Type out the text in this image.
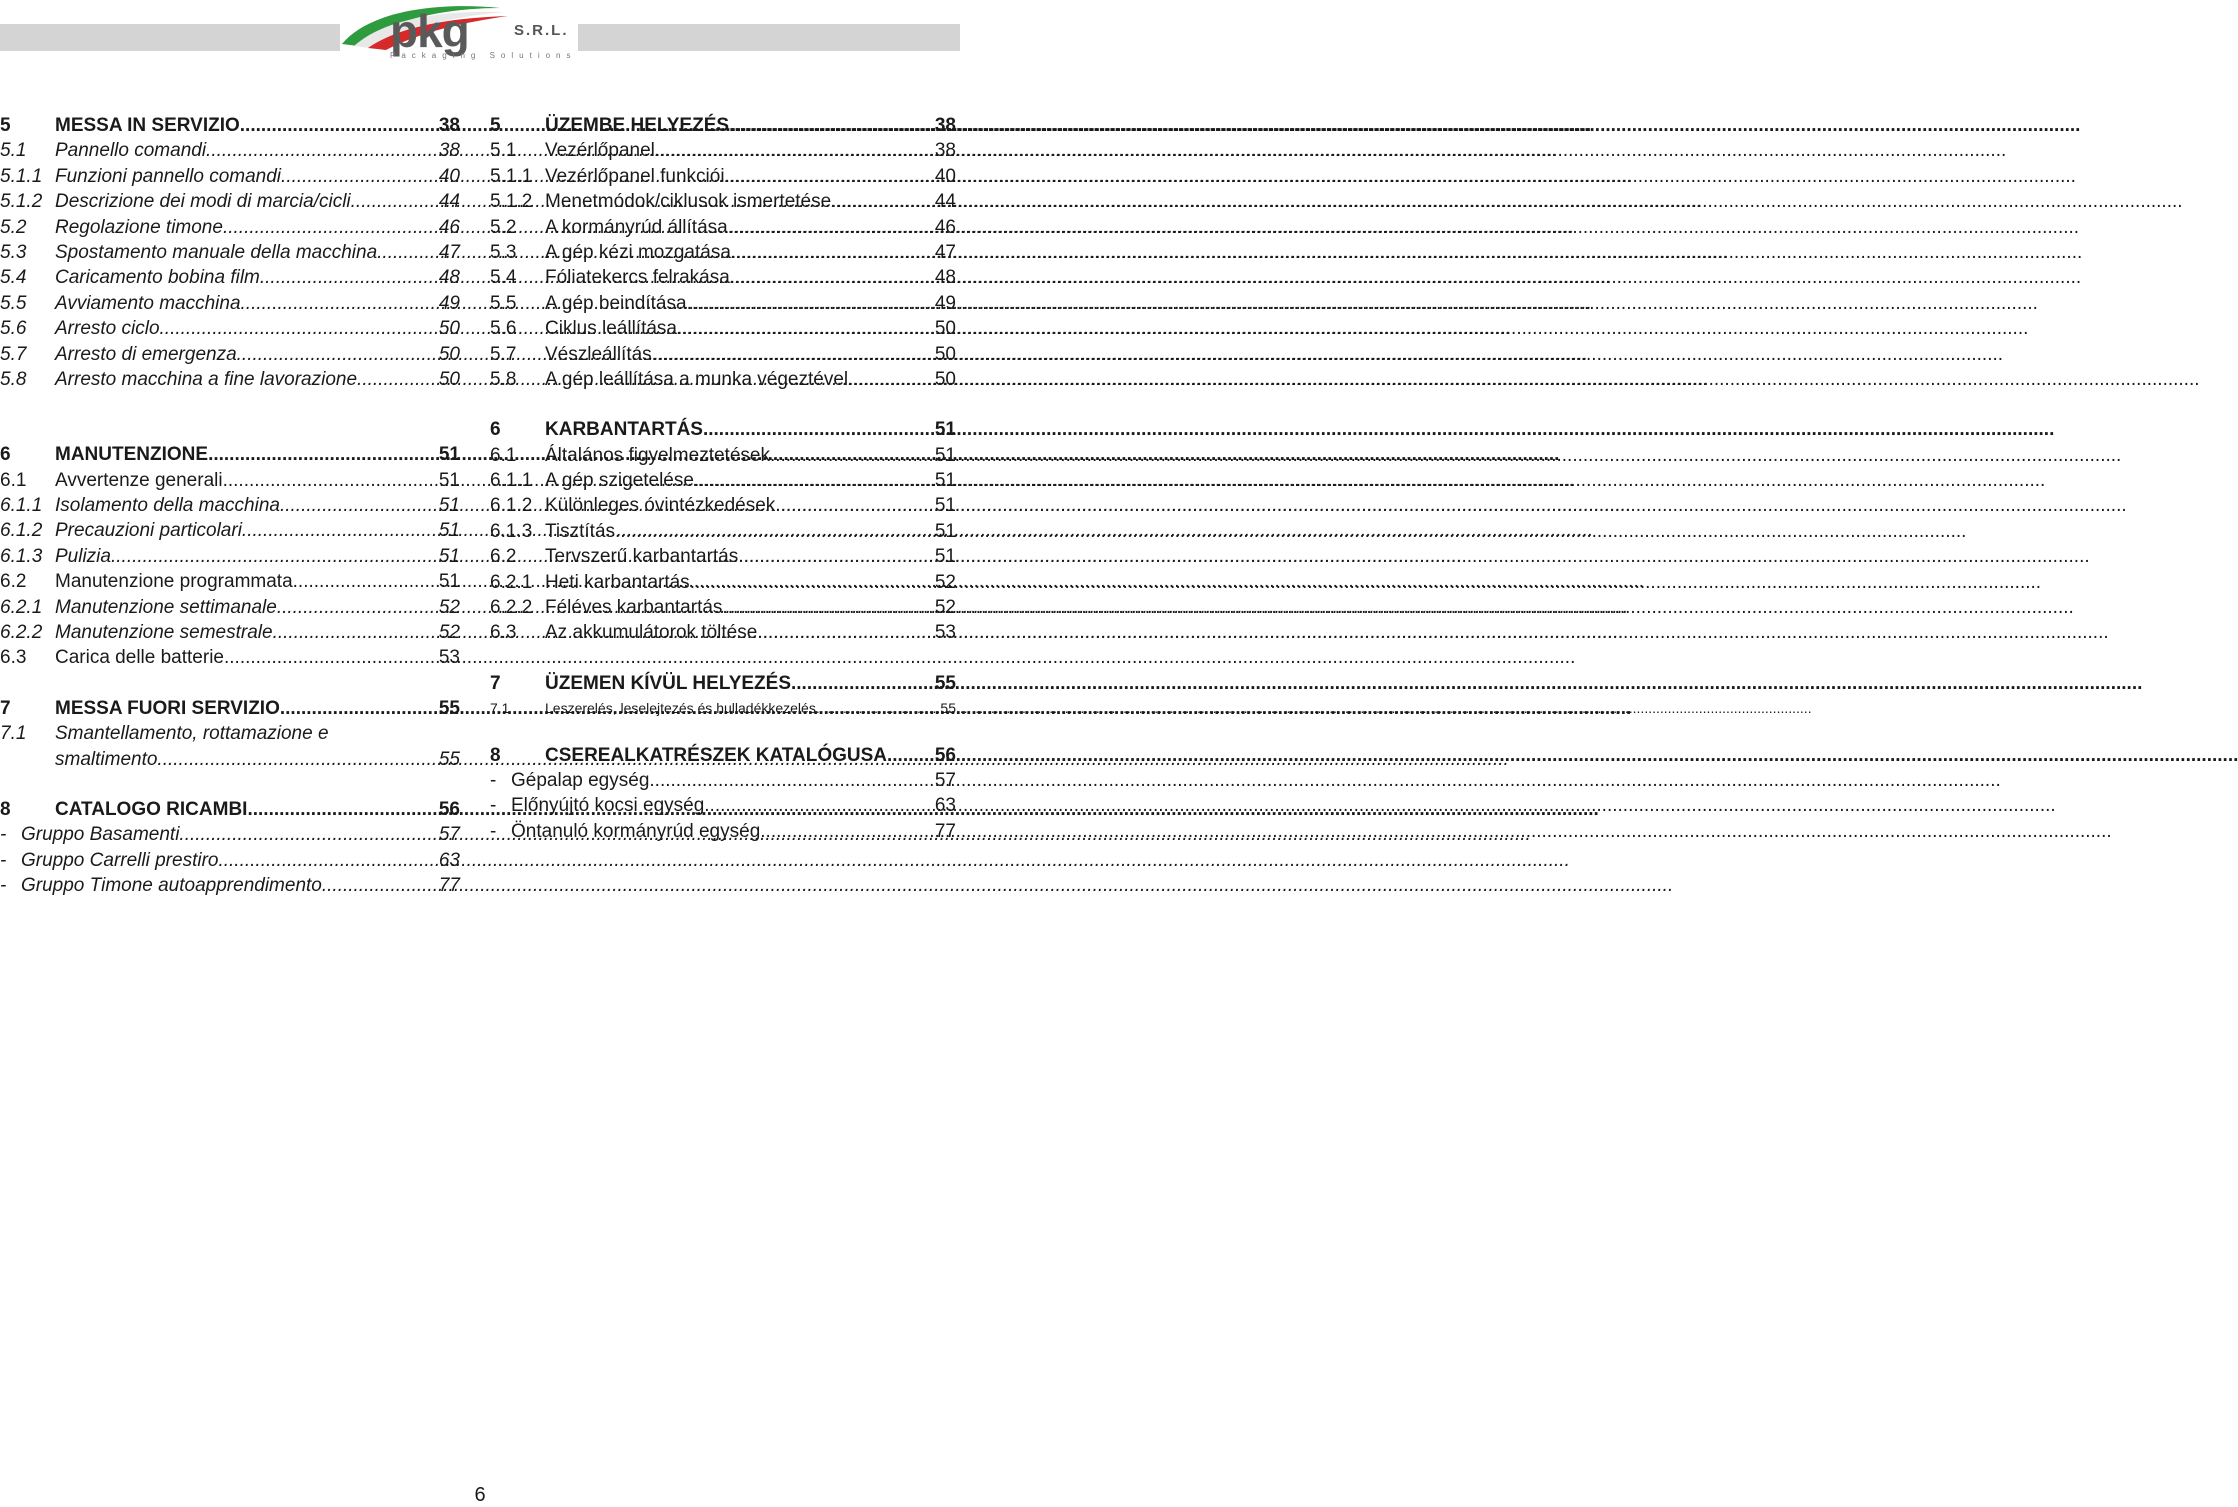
pkg	S.R.L.
Packaging Solutions
5	MESSA IN SERVIZIO .....	38
5.1	Pannello comandi .....	38
5.1.1 Funzioni pannello comandi .....	40
5.1.2 Descrizione dei modi di marcia/cicli .....	44
5.2	Regolazione timone .....	46
5.3	Spostamento manuale della macchina .....	47
5.4	Caricamento bobina film .....	48
5.5	Avviamento macchina .....	49
5.6	Arresto ciclo .....	50
5.7	Arresto di emergenza .....	50
5.8	Arresto macchina a fine lavorazione .....	50
6	MANUTENZIONE .....	51
6.1	Avvertenze generali .....	51
6.1.1 Isolamento della macchina .....	51
6.1.2 Precauzioni particolari .....	51
6.1.3 Pulizia .....	51
6.2	Manutenzione programmata .....	51
6.2.1 Manutenzione settimanale .....	52
6.2.2 Manutenzione semestrale .....	52
6.3	Carica delle batterie .....	53
7	MESSA FUORI SERVIZIO .....	55
7.1	Smantellamento, rottamazione e
smaltimento .....	55
8	CATALOGO RICAMBI .....	56
- Gruppo Basamenti .....	57
- Gruppo Carrelli prestiro .....	63
- Gruppo Timone autoapprendimento .....	77
5	ÜZEMBE HELYEZÉS .....	38
5.1	Vezérlőpanel .....	38
5.1.1 Vezérlőpanel funkciói .....	40
5.1.2 Menetmódok/ciklusok ismertetése .....	44
5.2	A kormányrúd állítása .....	46
5.3	A gép kézi mozgatása .....	47
5.4	Fóliatekercs felrakása .....	48
5.5	A gép beindítása .....	49
5.6	Ciklus leállítása .....	50
5.7	Vészleállítás .....	50
5.8	A gép leállítása a munka végeztével .....	50
6	KARBANTARTÁS .....	51
6.1	Általános figyelmeztetések .....	51
6.1.1 A gép szigetelése .....	51
6.1.2 Különleges óvintézkedések .....	51
6.1.3 Tisztítás .....	51
6.2	Tervszerű karbantartás .....	51
6.2.1 Heti karbantartás .....	52
6.2.2 Féléves karbantartás .....	52
6.3	Az akkumulátorok töltése .....	53
7	ÜZEMEN KÍVÜL HELYEZÉS .....	55
7.1	Leszerelés, leselejtezés és hulladékkezelés .....	55
8	CSEREALKATRÉSZEK KATALÓGUSA .....	56
- Gépalap egység .....	57
- Előnyújtó kocsi egység .....	63
- Öntanuló kormányrúd egység .....	77
6
